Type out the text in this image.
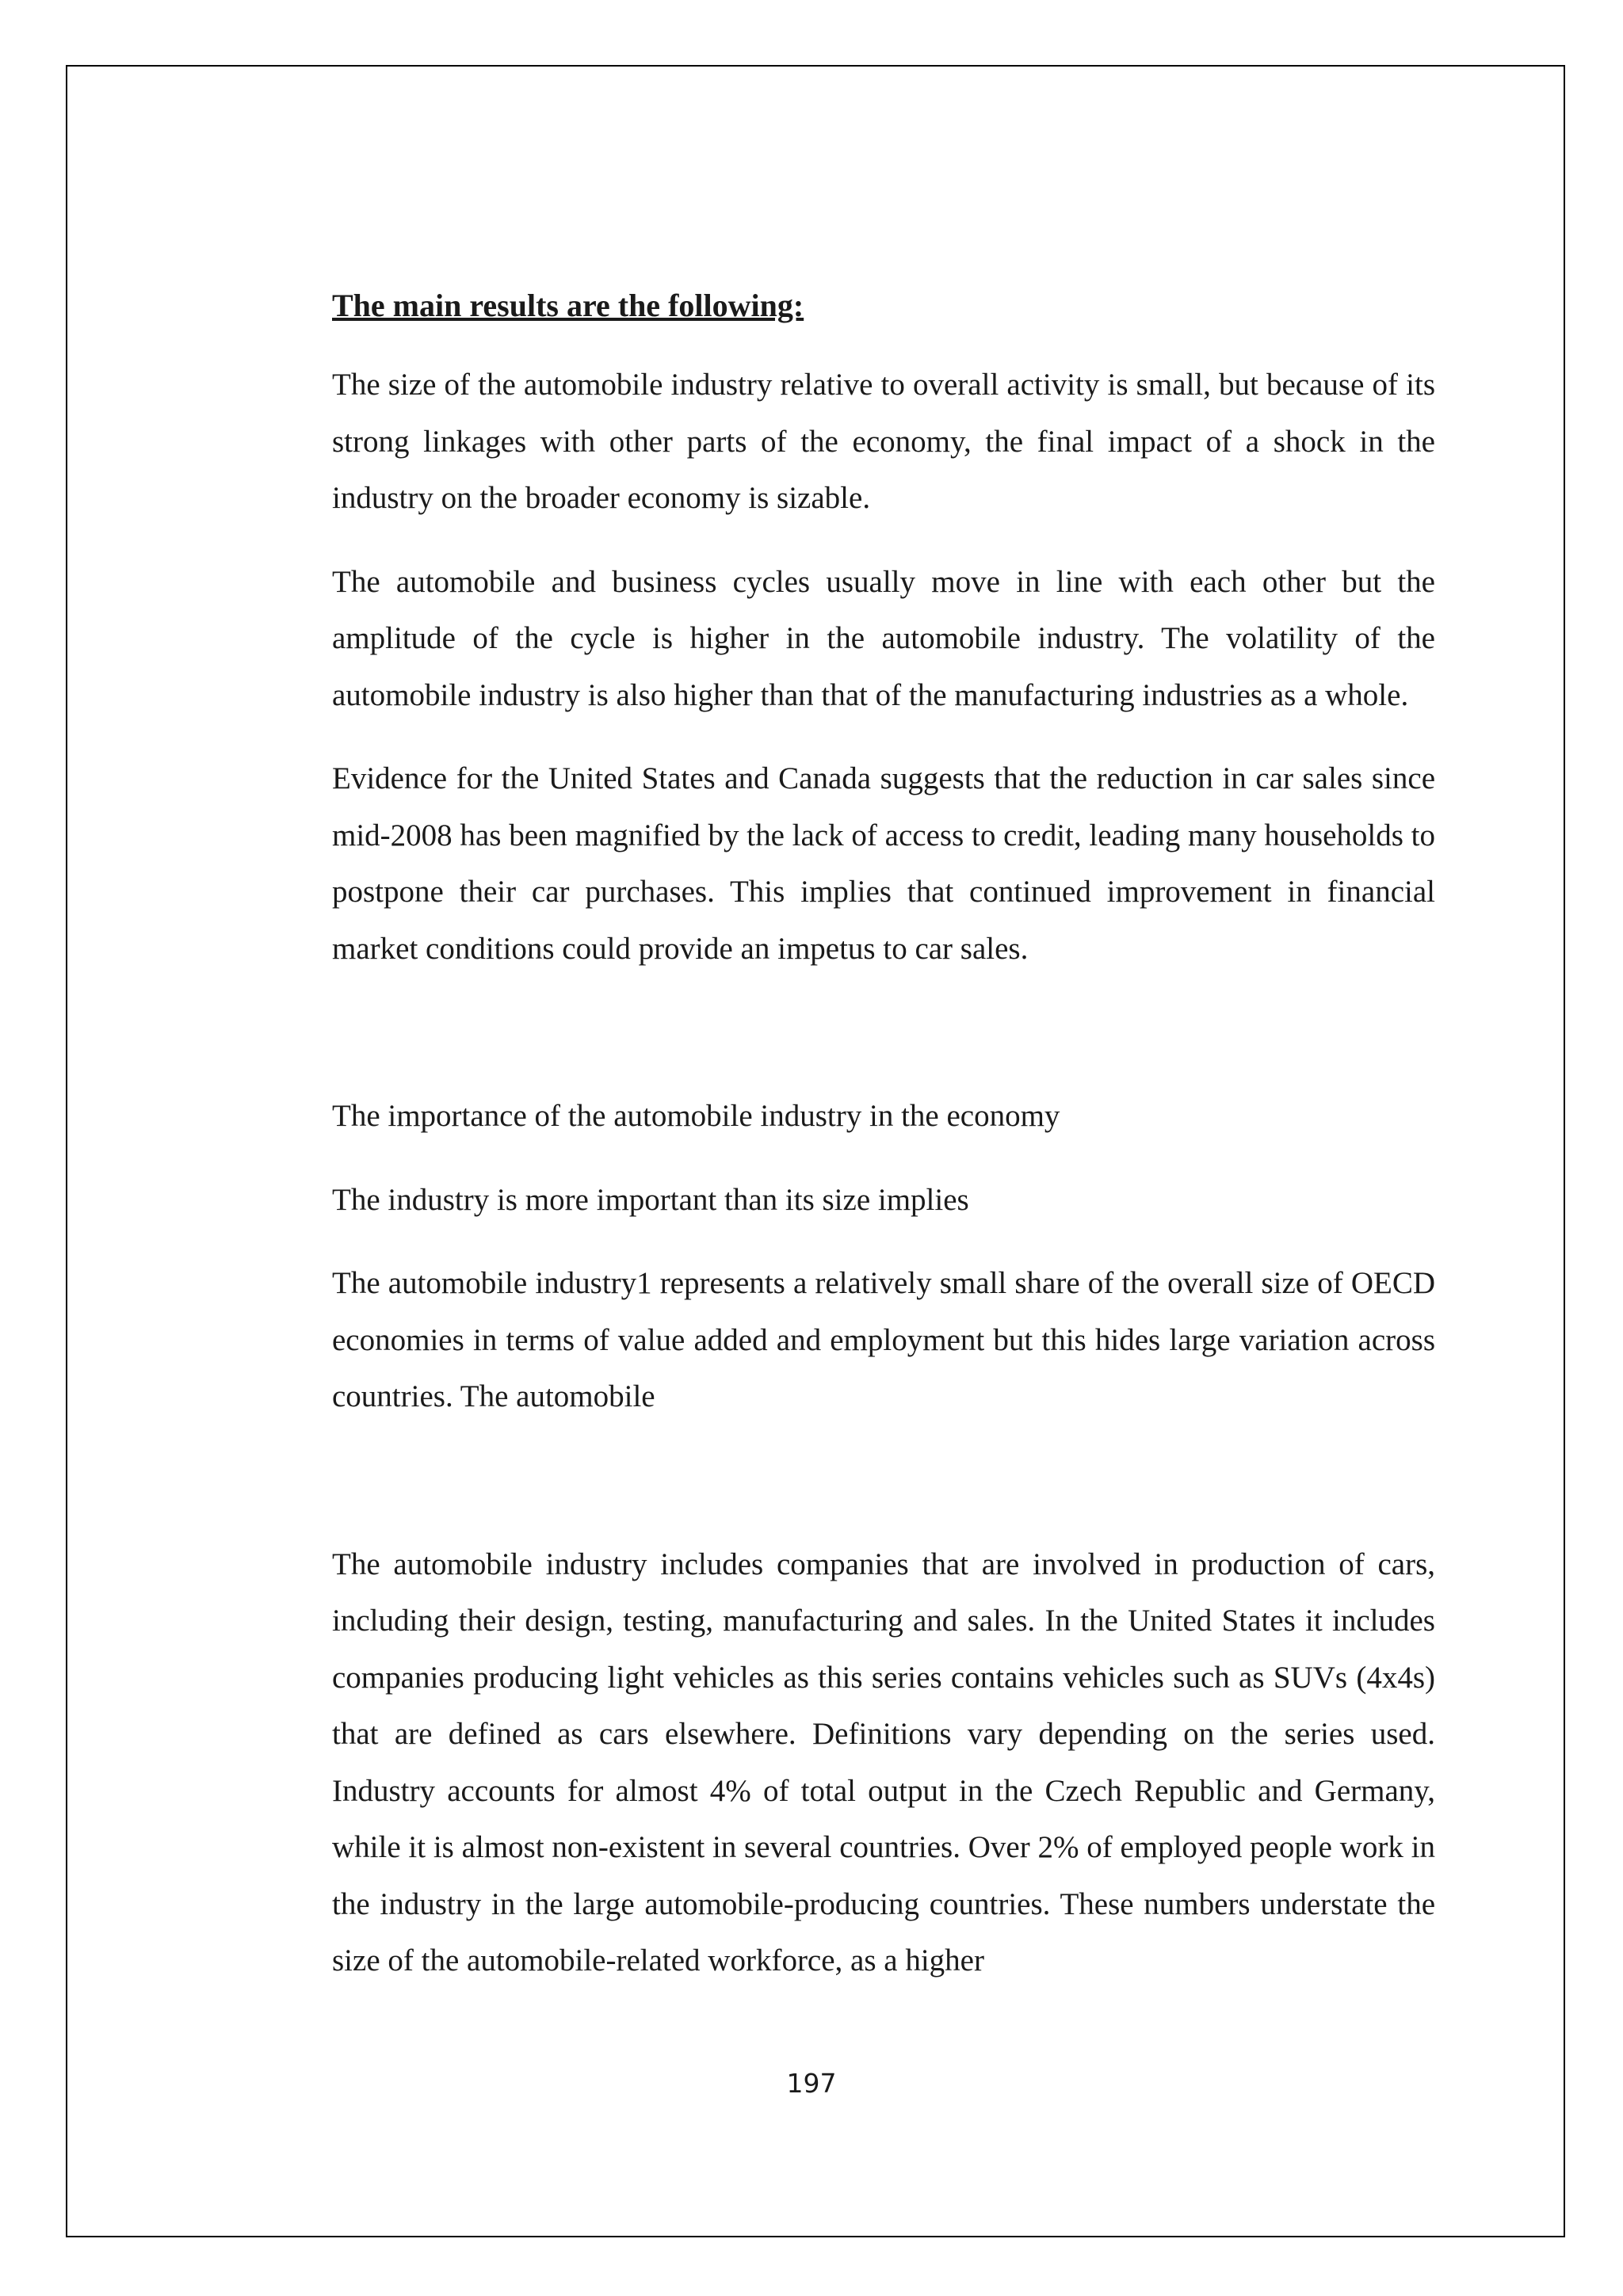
The main results are the following:

The size of the automobile industry relative to overall activity is small, but because of its strong linkages with other parts of the economy, the final impact of a shock in the industry on the broader economy is sizable.

The automobile and business cycles usually move in line with each other but the amplitude of the cycle is higher in the automobile industry. The volatility of the automobile industry is also higher than that of the manufacturing industries as a whole.

Evidence for the United States and Canada suggests that the reduction in car sales since mid-2008 has been magnified by the lack of access to credit, leading many households to postpone their car purchases. This implies that continued improvement in financial market conditions could provide an impetus to car sales.

The importance of the automobile industry in the economy

The industry is more important than its size implies

The automobile industry1 represents a relatively small share of the overall size of OECD economies in terms of value added and employment but this hides large variation across countries. The automobile

The automobile industry includes companies that are involved in production of cars, including their design, testing, manufacturing and sales. In the United States it includes companies producing light vehicles as this series contains vehicles such as SUVs (4x4s) that are defined as cars elsewhere. Definitions vary depending on the series used. Industry accounts for almost 4% of total output in the Czech Republic and Germany, while it is almost non-existent in several countries. Over 2% of employed people work in the industry in the large automobile-producing countries. These numbers understate the size of the automobile-related workforce, as a higher

197
